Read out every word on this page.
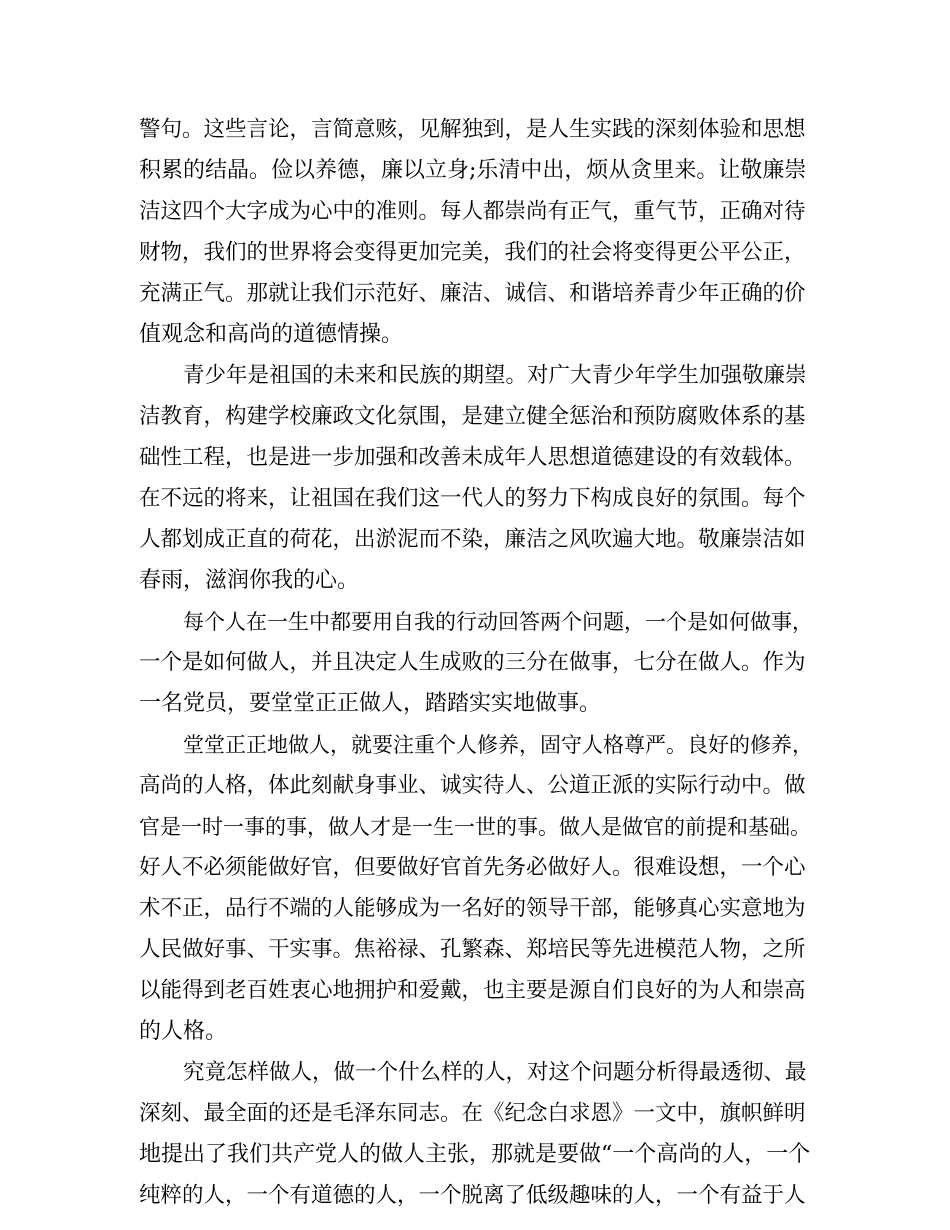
警句。这些言论，言简意赅，见解独到，是人生实践的深刻体验和思想
积累的结晶。俭以养德，廉以立身;乐清中出，烦从贪里来。让敬廉崇
洁这四个大字成为心中的准则。每人都崇尚有正气，重气节，正确对待
财物，我们的世界将会变得更加完美，我们的社会将变得更公平公正，
充满正气。那就让我们示范好、廉洁、诚信、和谐培养青少年正确的价
值观念和高尚的道德情操。
青少年是祖国的未来和民族的期望。对广大青少年学生加强敬廉崇
洁教育，构建学校廉政文化氛围，是建立健全惩治和预防腐败体系的基
础性工程，也是进一步加强和改善未成年人思想道德建设的有效载体。
在不远的将来，让祖国在我们这一代人的努力下构成良好的氛围。每个
人都划成正直的荷花，出淤泥而不染，廉洁之风吹遍大地。敬廉崇洁如
春雨，滋润你我的心。
每个人在一生中都要用自我的行动回答两个问题，一个是如何做事，
一个是如何做人，并且决定人生成败的三分在做事，七分在做人。作为
一名党员，要堂堂正正做人，踏踏实实地做事。
堂堂正正地做人，就要注重个人修养，固守人格尊严。良好的修养，
高尚的人格，体此刻献身事业、诚实待人、公道正派的实际行动中。做
官是一时一事的事，做人才是一生一世的事。做人是做官的前提和基础。
好人不必须能做好官，但要做好官首先务必做好人。很难设想，一个心
术不正，品行不端的人能够成为一名好的领导干部，能够真心实意地为
人民做好事、干实事。焦裕禄、孔繁森、郑培民等先进模范人物，之所
以能得到老百姓衷心地拥护和爱戴，也主要是源自们良好的为人和崇高
的人格。
究竟怎样做人，做一个什么样的人，对这个问题分析得最透彻、最
深刻、最全面的还是毛泽东同志。在《纪念白求恩》一文中，旗帜鲜明
地提出了我们共产党人的做人主张，那就是要做“一个高尚的人，一个
纯粹的人，一个有道德的人，一个脱离了低级趣味的人，一个有益于人
